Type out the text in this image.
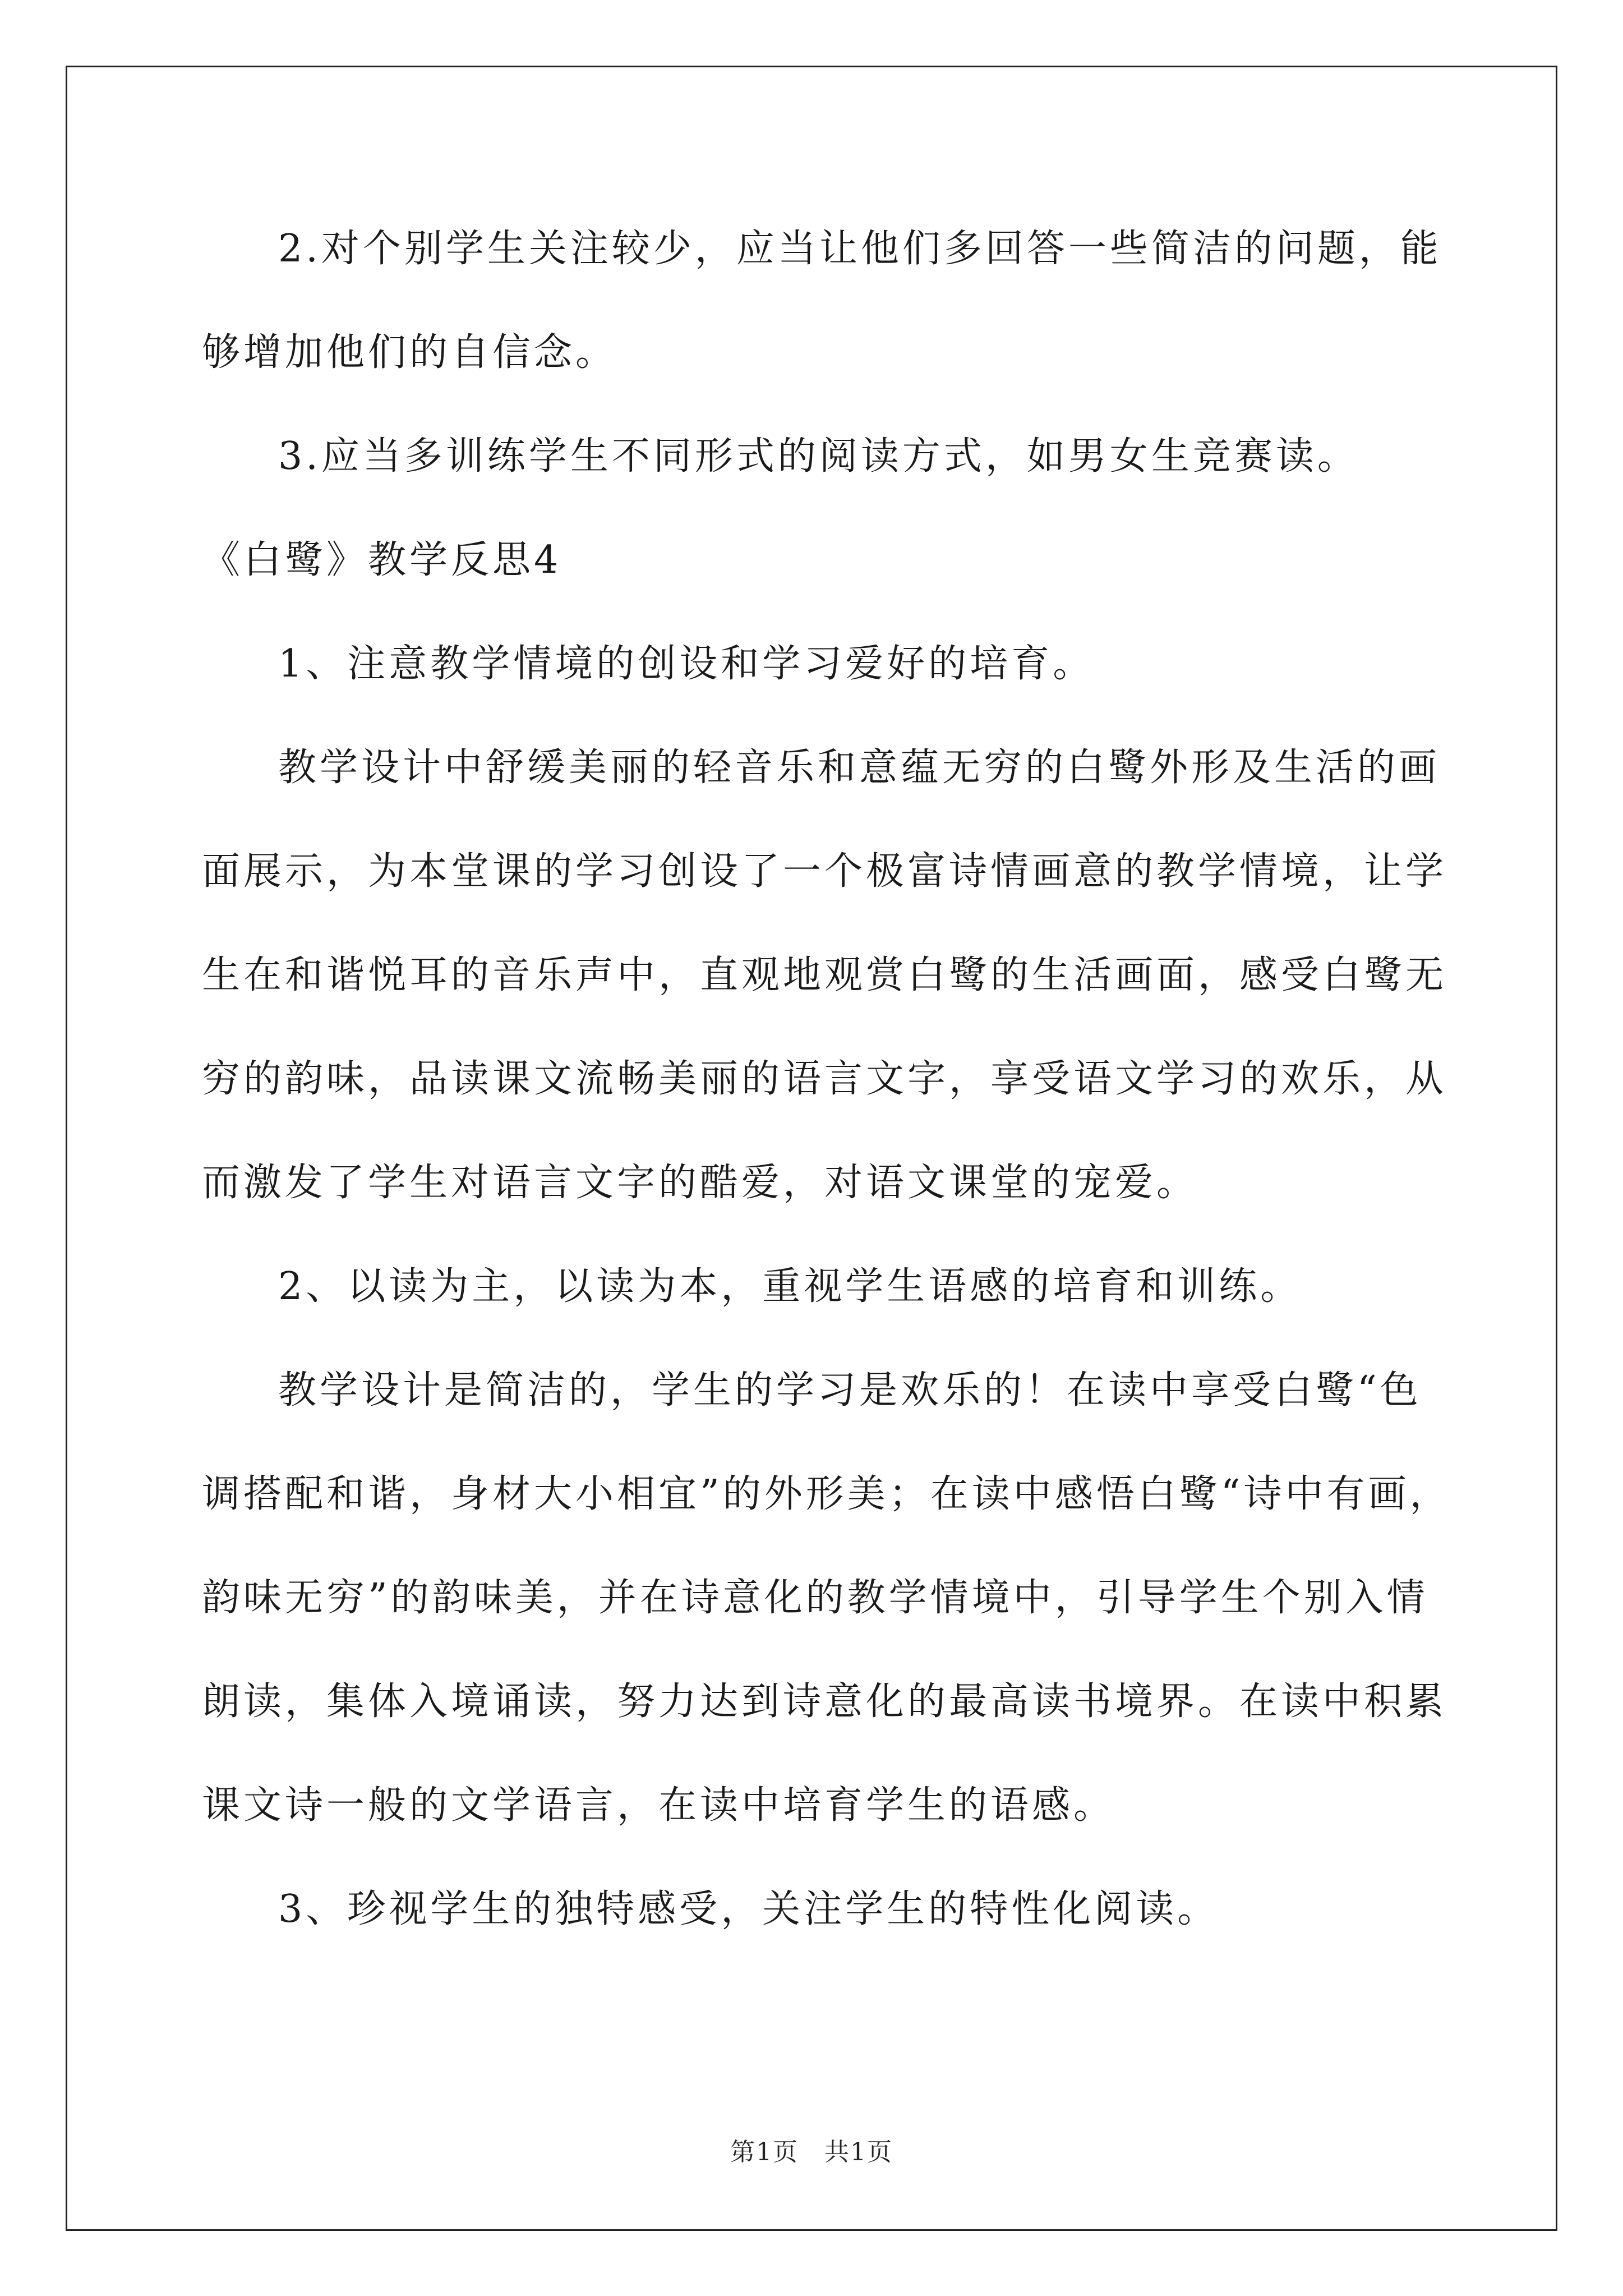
2.对个别学生关注较少，应当让他们多回答一些简洁的问题，能
够增加他们的自信念。
3.应当多训练学生不同形式的阅读方式，如男女生竞赛读。
《白鹭》教学反思4
1、注意教学情境的创设和学习爱好的培育。
教学设计中舒缓美丽的轻音乐和意蕴无穷的白鹭外形及生活的画
面展示，为本堂课的学习创设了一个极富诗情画意的教学情境，让学
生在和谐悦耳的音乐声中，直观地观赏白鹭的生活画面，感受白鹭无
穷的韵味，品读课文流畅美丽的语言文字，享受语文学习的欢乐，从
而激发了学生对语言文字的酷爱，对语文课堂的宠爱。
2、以读为主，以读为本，重视学生语感的培育和训练。
教学设计是简洁的，学生的学习是欢乐的！在读中享受白鹭“色
调搭配和谐，身材大小相宜”的外形美；在读中感悟白鹭“诗中有画，
韵味无穷”的韵味美，并在诗意化的教学情境中，引导学生个别入情
朗读，集体入境诵读，努力达到诗意化的最高读书境界。在读中积累
课文诗一般的文学语言，在读中培育学生的语感。
3、珍视学生的独特感受，关注学生的特性化阅读。
第1页　共1页
